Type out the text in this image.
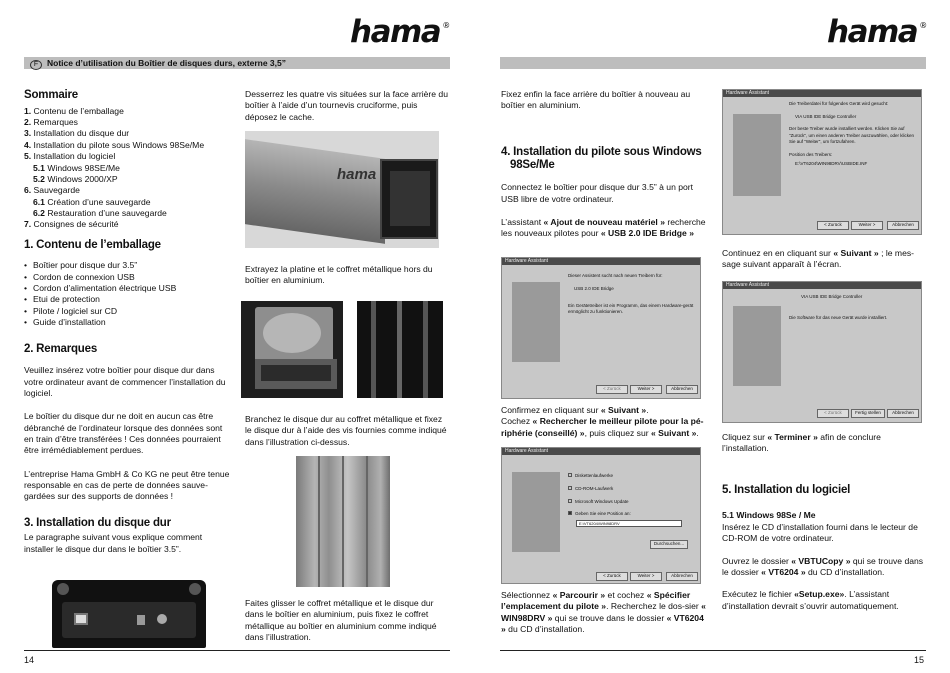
hama ®	hama ®
F Notice d’utilisation du Boîtier de disques durs, externe 3,5”
Sommaire
1. Contenu de l’emballage
2. Remarques
3. Installation du disque dur
4. Installation du pilote sous Windows 98Se/Me
5. Installation du logiciel
5.1 Windows 98SE/Me
5.2 Windows 2000/XP
6. Sauvegarde
6.1 Création d’une sauvegarde
6.2 Restauration d’une sauvegarde
7. Consignes de sécurité
1. Contenu de l’emballage
• Boîtier pour disque dur 3.5”
• Cordon de connexion USB
• Cordon d’alimentation électrique USB
• Etui de protection
• Pilote / logiciel sur CD
• Guide d’installation
2. Remarques

Veuillez insérez votre boîtier pour disque dur dans votre ordinateur avant de commencer l’installation du logiciel.

Le boîtier du disque dur ne doit en aucun cas être débranché de l’ordinateur lorsque des données sont en train d’être transférées ! Ces données pourraient être irrémédiablement perdues.

L’entreprise Hama GmbH & Co KG ne peut être tenue responsable en cas de perte de données sauve-gardées sur des supports de données !

3. Installation du disque dur

Le paragraphe suivant vous explique comment installer le disque dur dans le boîtier 3.5”.

Desserrez les quatre vis situées sur la face arrière du boîtier à l’aide d’un tournevis cruciforme, puis déposez le cache.

hama

Extrayez la platine et le coffret métallique hors du boîtier en aluminium.

Branchez le disque dur au coffret métallique et fixez le disque dur à l’aide des vis fournies comme indiqué dans l’illustration ci-dessus.

Faites glisser le coffret métallique et le disque dur dans le boîtier en aluminium, puis fixez le coffret métallique au boîtier en aluminium comme indiqué dans l’illustration.

Fixez enfin la face arrière du boîtier à nouveau au boîtier en aluminium.

4. Installation du pilote sous Windows
98Se/Me

Connectez le boîtier pour disque dur 3.5” à un port USB libre de votre ordinateur.

L’assistant « Ajout de nouveau matériel » recherche les nouveaux pilotes pour « USB 2.0 IDE Bridge »

Hardware Assistant
Dieser Assistent sucht nach neuen Treibern für:
USB 2.0 IDE Bridge
Ein Gerätetreiber ist ein Programm, das einem Hardware-gerät ermöglicht zu funktionieren.
< Zurück	Weiter >	Abbrechen

Confirmez en cliquant sur « Suivant ».
Cochez « Rechercher le meilleur pilote pour la pé-riphérie (conseillé) », puis cliquez sur « Suivant ».

Hardware Assistant
Diskettenlaufwerke
CD-ROM-Laufwerk
Microsoft Windows Update
Geben Sie eine Position an:
E:\VT6204\WIN98DRV
Durchsuchen...
< Zurück	Weiter >	Abbrechen

Sélectionnez « Parcourir » et cochez « Spécifier l’emplacement du pilote ». Recherchez le dos-sier « WIN98DRV » qui se trouve dans le dossier « VT6204 » du CD d’installation.

Hardware Assistant
Die Treiberdatei für folgendes Gerät wird gesucht:
VIA USB IDE Bridge Controller
Der beste Treiber wurde installiert werden. Klicken Sie auf "Zurück", um einen anderen Treiber auszuwählen, oder klicken Sie auf "Weiter", um fortzufahren.
Position des Treibers:
E:\VT6204\WIN98DRV\USBIDE.INF
< Zurück	Weiter >	Abbrechen

Continuez en en cliquant sur « Suivant » ; le mes-sage suivant apparaît à l’écran.

Hardware Assistant
VIA USB IDE Bridge Controller
Die Software für das neue Gerät wurde installiert.
< Zurück	Fertig stellen	Abbrechen

Cliquez sur « Terminer » afin de conclure l’installation.

5. Installation du logiciel

5.1 Windows 98Se / Me

Insérez le CD d’installation fourni dans le lecteur de CD-ROM de votre ordinateur.

Ouvrez le dossier « VBTUCopy » qui se trouve dans le dossier « VT6204 » du CD d’installation.

Exécutez le fichier «Setup.exe». L’assistant d’installation devrait s’ouvrir automatiquement.

14	15
